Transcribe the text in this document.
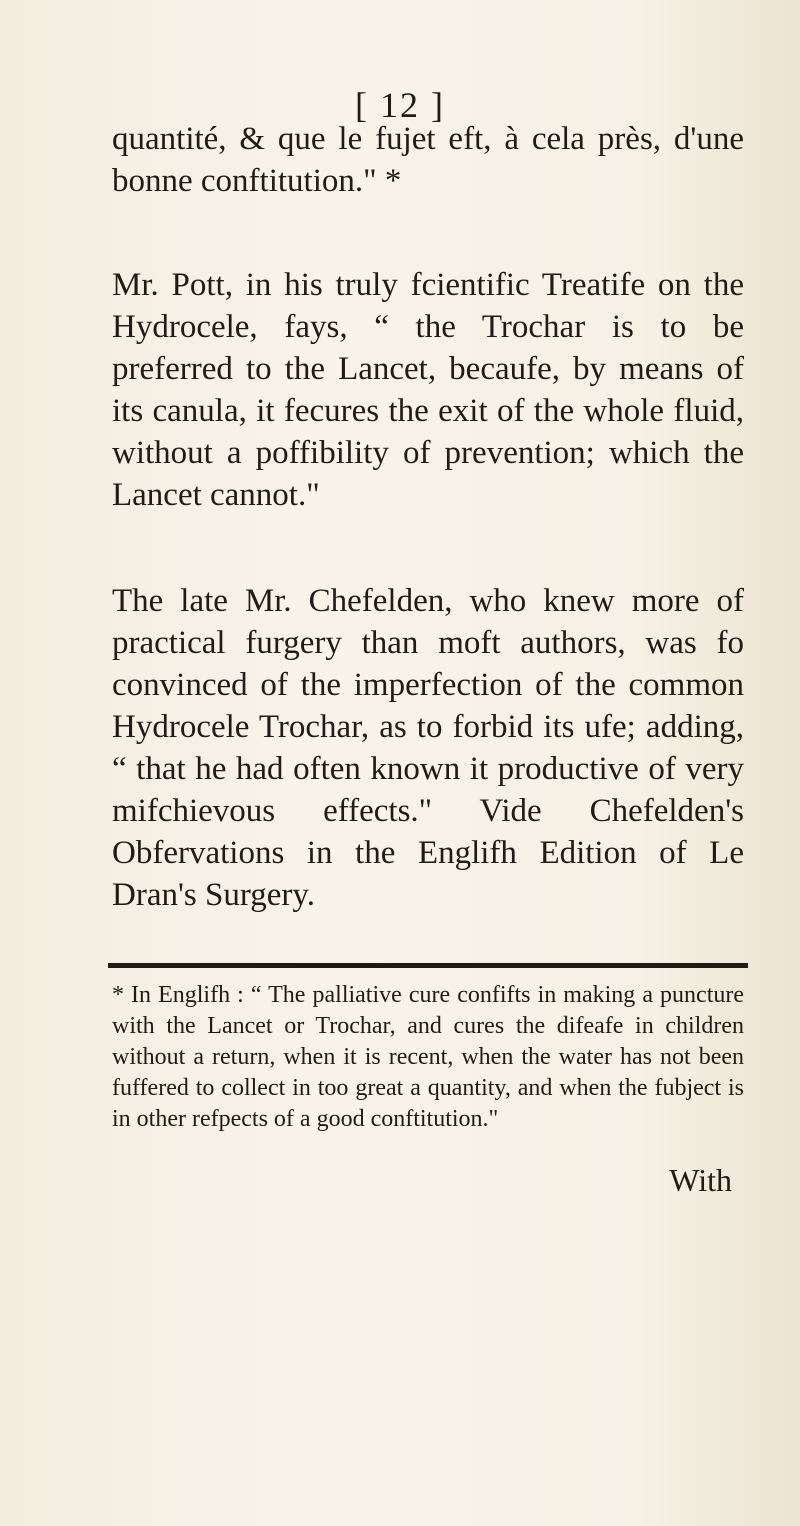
[ 12 ]

quantité, & que le fujet eft, à cela près, d'une bonne conftitution." *

Mr. Pott, in his truly fcientific Treatife on the Hydrocele, fays, “ the Trochar is to be preferred to the Lancet, becaufe, by means of its canula, it fecures the exit of the whole fluid, without a poffibility of prevention; which the Lancet cannot."

The late Mr. Chefelden, who knew more of practical furgery than moft authors, was fo convinced of the imperfection of the common Hydrocele Trochar, as to forbid its ufe; adding, “ that he had often known it productive of very mifchievous effects." Vide Chefelden's Obfervations in the Englifh Edition of Le Dran's Surgery.

* In Englifh : “ The palliative cure confifts in making a puncture with the Lancet or Trochar, and cures the difeafe in children without a return, when it is recent, when the water has not been fuffered to collect in too great a quantity, and when the fubject is in other refpects of a good conftitution."

With
